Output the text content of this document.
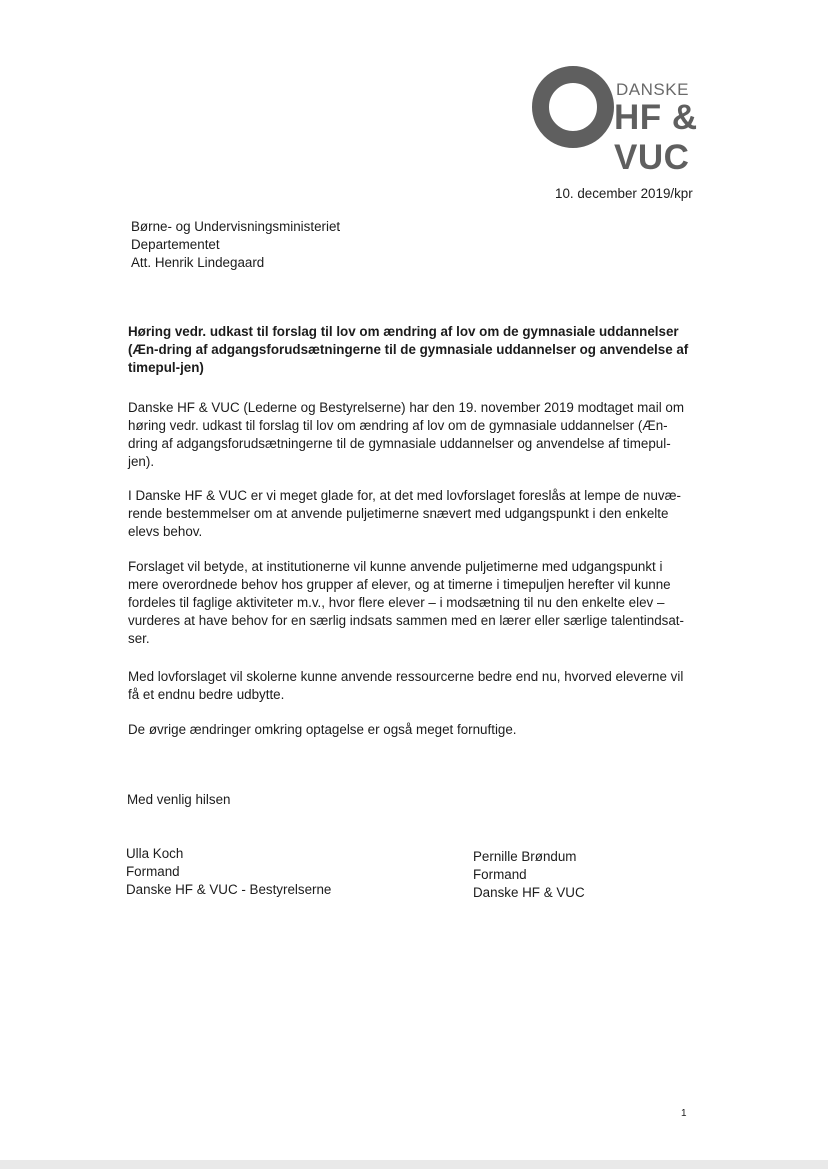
DANSKE
HF & VUC
10. december 2019/kpr
Børne- og Undervisningsministeriet
Departementet
Att. Henrik Lindegaard
Høring vedr. udkast til forslag til lov om ændring af lov om de gymnasiale uddannelser (Æn-dring af adgangsforudsætningerne til de gymnasiale uddannelser og anvendelse af timepul-jen)
Danske HF & VUC (Lederne og Bestyrelserne) har den 19. november 2019 modtaget mail om høring vedr. udkast til forslag til lov om ændring af lov om de gymnasiale uddannelser (Æn-dring af adgangsforudsætningerne til de gymnasiale uddannelser og anvendelse af timepul-jen).
I Danske HF & VUC er vi meget glade for, at det med lovforslaget foreslås at lempe de nuvæ-rende bestemmelser om at anvende puljetimerne snævert med udgangspunkt i den enkelte elevs behov.
Forslaget vil betyde, at institutionerne vil kunne anvende puljetimerne med udgangspunkt i mere overordnede behov hos grupper af elever, og at timerne i timepuljen herefter vil kunne fordeles til faglige aktiviteter m.v., hvor flere elever – i modsætning til nu den enkelte elev – vurderes at have behov for en særlig indsats sammen med en lærer eller særlige talentindsat-ser.
Med lovforslaget vil skolerne kunne anvende ressourcerne bedre end nu, hvorved eleverne vil få et endnu bedre udbytte.
De øvrige ændringer omkring optagelse er også meget fornuftige.
Med venlig hilsen
Ulla Koch
Formand
Danske HF & VUC - Bestyrelserne
Pernille Brøndum
Formand
Danske HF & VUC
1
